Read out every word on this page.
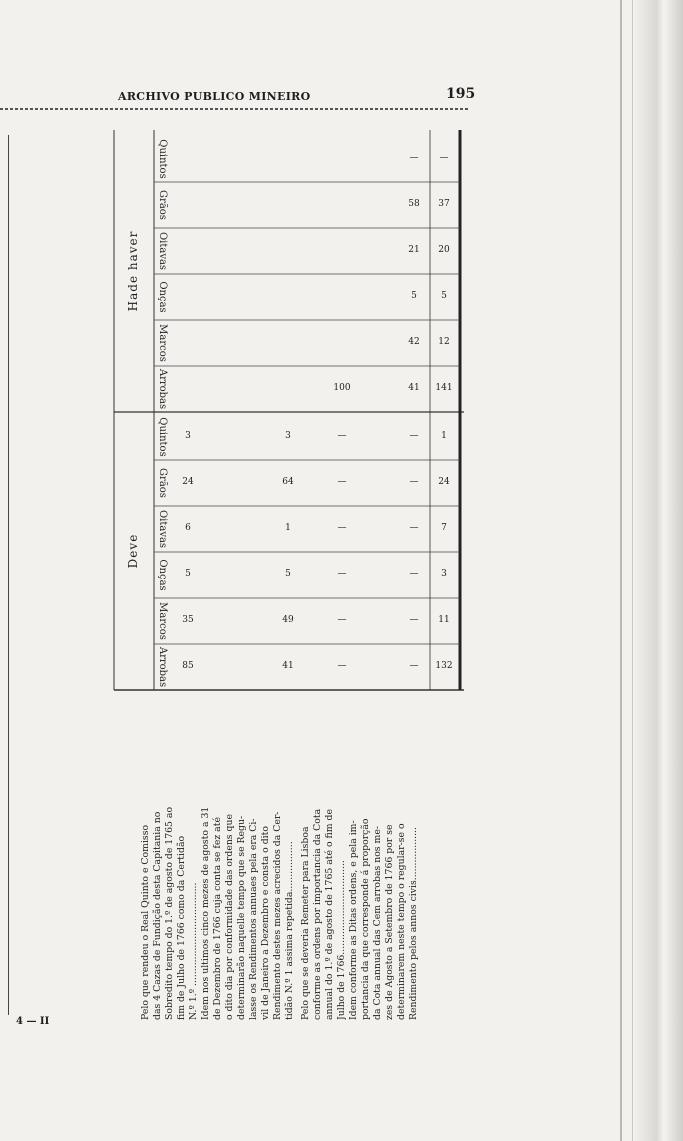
ARCHIVO PUBLICO MINEIRO	195
4 — II
Pelo que rendeu o Real Quinto e Comisso das 4 Cazas de Fundição desta Capitania no Sobredito tempo do 1.º de agosto de 1765 ao fim de Julho de 1766 como da Certidão N.º 1.º ................................... Idem nos ultimos cinco mezes de agosto a 31 de Dezembro de 1766 cuja conta se fez até o dito dia por conformidade das ordens que determinarão naquelle tempo que se Regu- lasse os Rendimentos annuaes pela era Ci- vil de Janeiro a Dezembro e consta o dito Rendimento destes mezes acrecidos da Cer- tidão N.º 1 assima repetida................. Pelo que se deveria Remeter para Lisboa conforme as ordens por importancia da Cota annual do 1.º de agosto de 1765 até o fim de Julho de 1766................................ Idem conforme as Ditas ordens, e pela im- portancia da que corresponde á proporção da Cota annual das Cem arrobas nos me- zes de Agosto a Setembro de 1766 por se determinarem neste tempo o regular-se o Rendimento pelos annos civis..................
Deve
Hade haver
Arrobas
Marcos
Onças
Oitavas
Grãos
Quintos
Arrobas
Marcos
Onças
Oitavas
Grãos
Quintos
85
35
5
6
24
3
41
49
5
1
64
3
—
—
—
—
—
—
—
—
—
—
—
—
132
11
3
7
24
1
100	41
42
5
21
58
—
141
12
5
20
37
—
